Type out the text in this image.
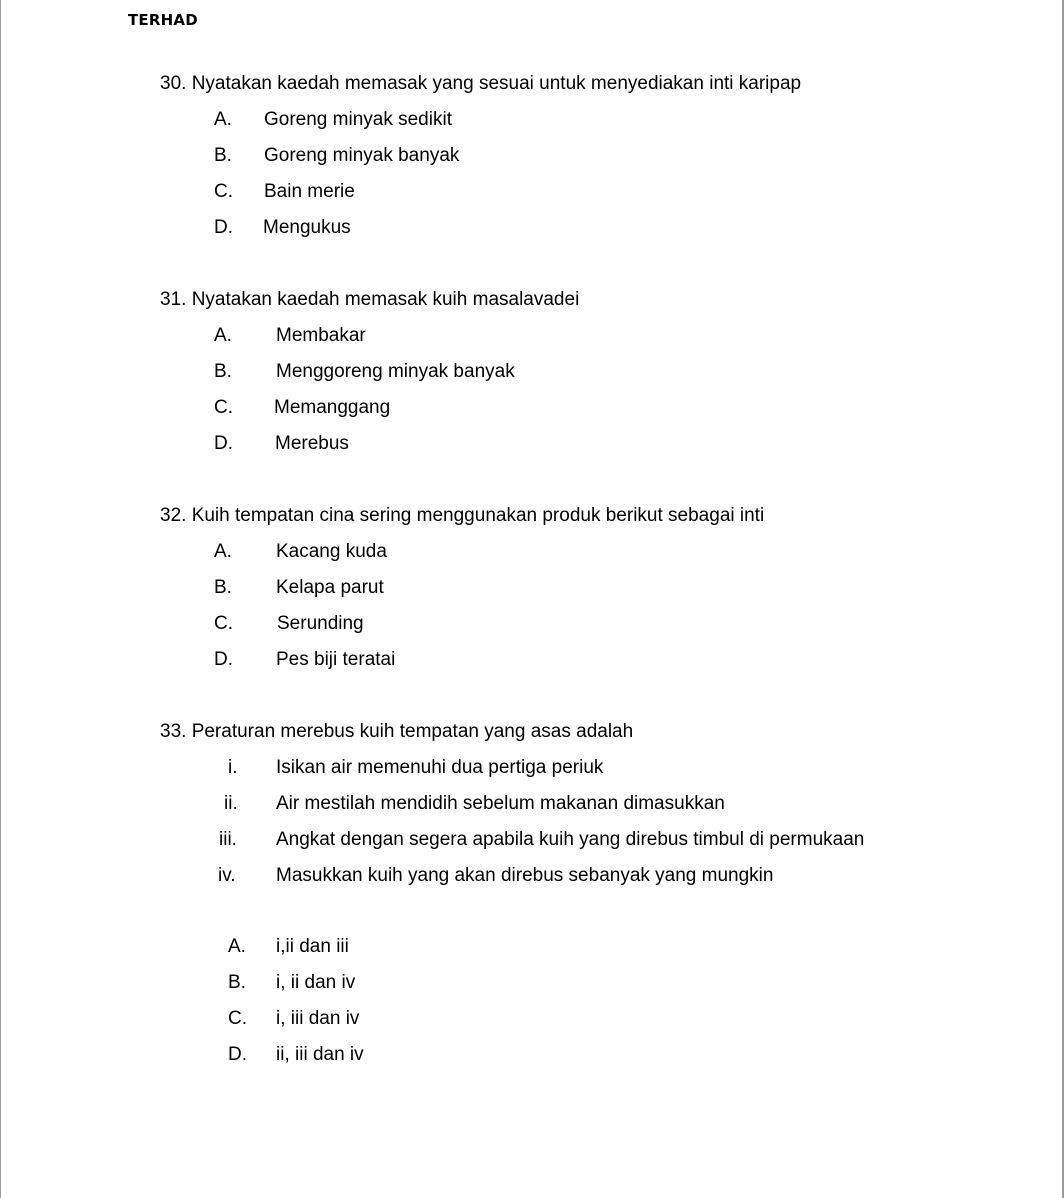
TERHAD
30. Nyatakan kaedah memasak yang sesuai untuk menyediakan inti karipap
A. Goreng minyak sedikit
B. Goreng minyak banyak
C. Bain merie
D. Mengukus
31. Nyatakan kaedah memasak kuih masalavadei
A. Membakar
B. Menggoreng minyak banyak
C. Memanggang
D. Merebus
32. Kuih tempatan cina sering menggunakan produk berikut sebagai inti
A. Kacang kuda
B. Kelapa parut
C. Serunding
D. Pes biji teratai
33. Peraturan merebus kuih tempatan yang asas adalah
i. Isikan air memenuhi dua pertiga periuk
ii. Air mestilah mendidih sebelum makanan dimasukkan
iii. Angkat dengan segera apabila kuih yang direbus timbul di permukaan
iv. Masukkan kuih yang akan direbus sebanyak yang mungkin
A. i,ii dan iii
B. i, ii dan iv
C. i, iii dan iv
D. ii, iii dan iv
